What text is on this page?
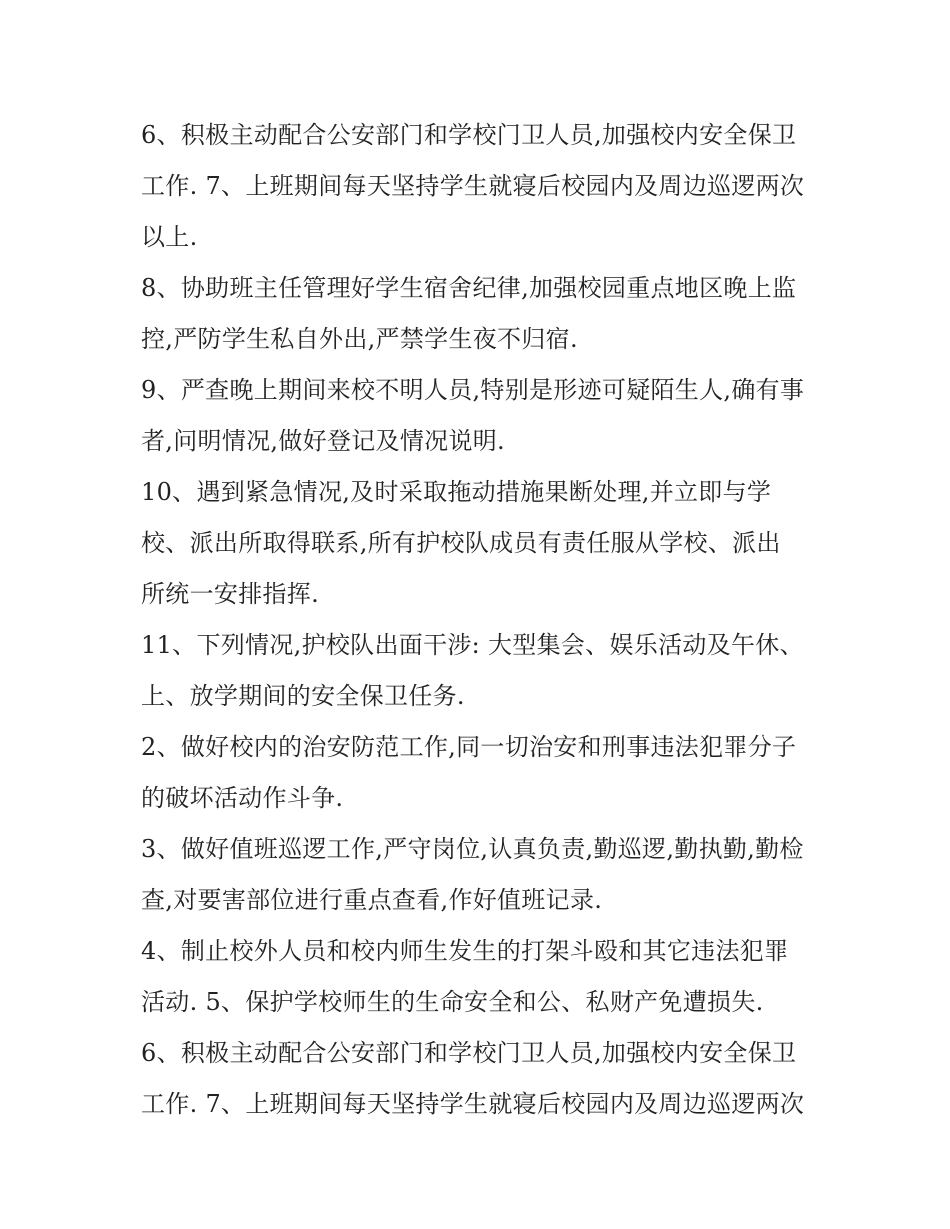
6、积极主动配合公安部门和学校门卫人员,加强校内安全保卫
工作. 7、上班期间每天坚持学生就寝后校园内及周边巡逻两次
以上.
8、协助班主任管理好学生宿舍纪律,加强校园重点地区晚上监
控,严防学生私自外出,严禁学生夜不归宿.
9、严查晚上期间来校不明人员,特别是形迹可疑陌生人,确有事
者,问明情况,做好登记及情况说明.
10、遇到紧急情况,及时采取拖动措施果断处理,并立即与学
校、派出所取得联系,所有护校队成员有责任服从学校、派出
所统一安排指挥.
11、下列情况,护校队出面干涉: 大型集会、娱乐活动及午休、
上、放学期间的安全保卫任务.
2、做好校内的治安防范工作,同一切治安和刑事违法犯罪分子
的破坏活动作斗争.
3、做好值班巡逻工作,严守岗位,认真负责,勤巡逻,勤执勤,勤检
查,对要害部位进行重点查看,作好值班记录.
4、制止校外人员和校内师生发生的打架斗殴和其它违法犯罪
活动. 5、保护学校师生的生命安全和公、私财产免遭损失.
6、积极主动配合公安部门和学校门卫人员,加强校内安全保卫
工作. 7、上班期间每天坚持学生就寝后校园内及周边巡逻两次
